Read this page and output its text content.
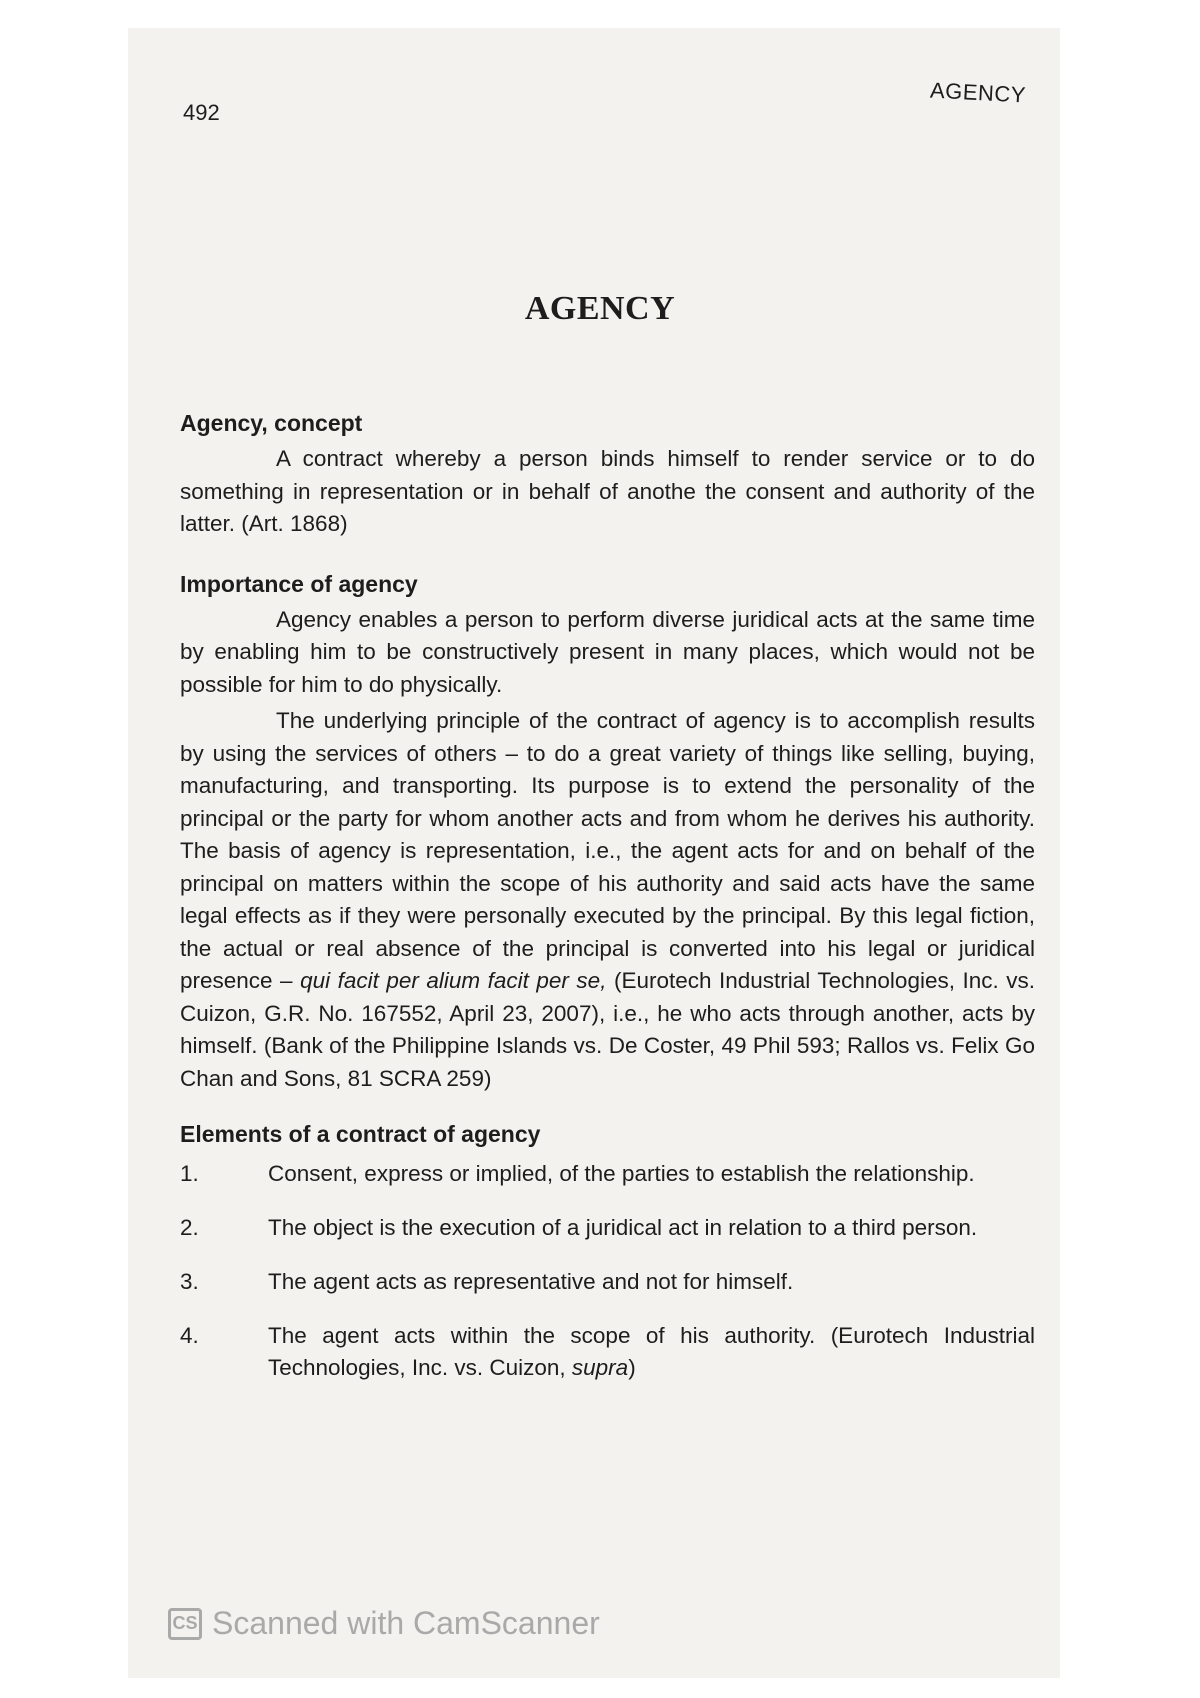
492
AGENCY
AGENCY
Agency, concept

A contract whereby a person binds himself to render service or to do something in representation or in behalf of anothe the consent and authority of the latter. (Art. 1868)

Importance of agency

Agency enables a person to perform diverse juridical acts at the same time by enabling him to be constructively present in many places, which would not be possible for him to do physically.

The underlying principle of the contract of agency is to accomplish results by using the services of others – to do a great variety of things like selling, buying, manufacturing, and transporting. Its purpose is to extend the personality of the principal or the party for whom another acts and from whom he derives his authority. The basis of agency is representation, i.e., the agent acts for and on behalf of the principal on matters within the scope of his authority and said acts have the same legal effects as if they were personally executed by the principal. By this legal fiction, the actual or real absence of the principal is converted into his legal or juridical presence – qui facit per alium facit per se, (Eurotech Industrial Technologies, Inc. vs. Cuizon, G.R. No. 167552, April 23, 2007), i.e., he who acts through another, acts by himself. (Bank of the Philippine Islands vs. De Coster, 49 Phil 593; Rallos vs. Felix Go Chan and Sons, 81 SCRA 259)

Elements of a contract of agency
1.	Consent, express or implied, of the parties to establish the relationship.
2.	The object is the execution of a juridical act in relation to a third person.
3.	The agent acts as representative and not for himself.
4.	The agent acts within the scope of his authority. (Eurotech Industrial Technologies, Inc. vs. Cuizon, supra)
CS Scanned with CamScanner
